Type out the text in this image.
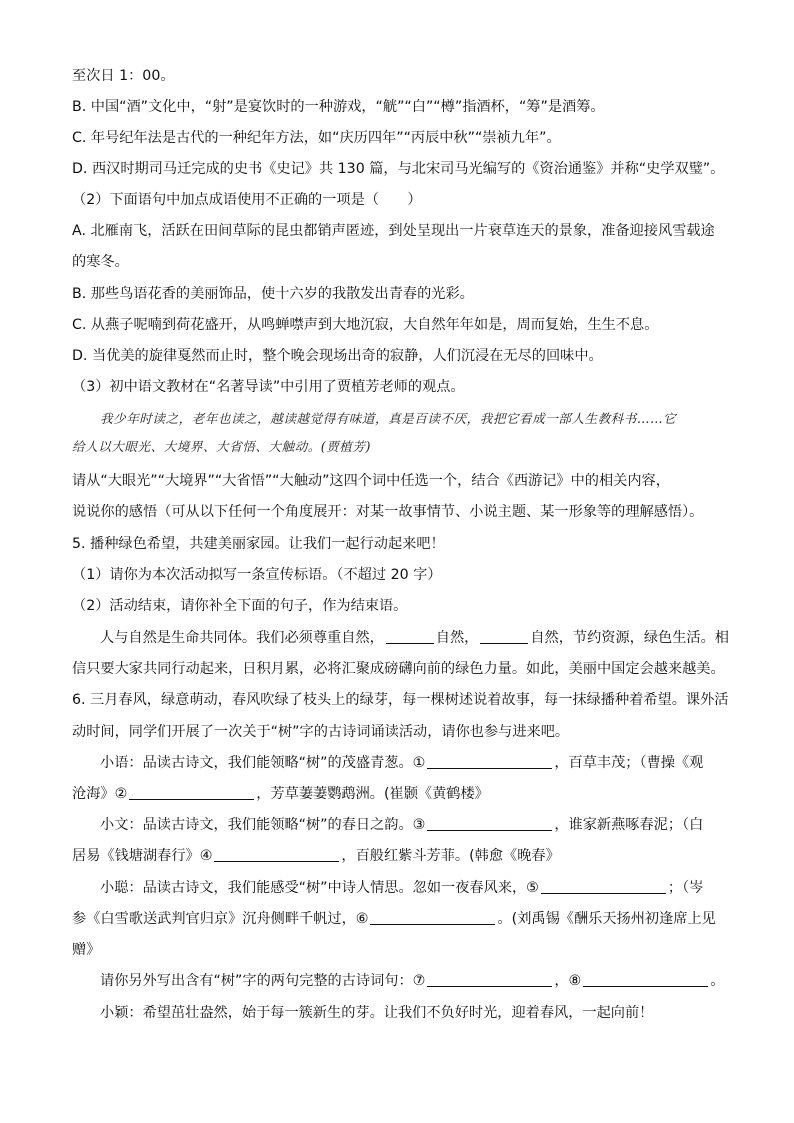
至次日 1：00。
B. 中国“酒”文化中，“射”是宴饮时的一种游戏，“觥”“白”“樽”指酒杯，“筹”是酒筹。
C. 年号纪年法是古代的一种纪年方法，如“庆历四年”“丙辰中秋”“崇祯九年”。
D. 西汉时期司马迁完成的史书《史记》共 130 篇，与北宋司马光编写的《资治通鉴》并称“史学双璧”。
（2）下面语句中加点成语使用不正确的一项是（　　）
A. 北雁南飞，活跃在田间草际的昆虫都销声匿迹，到处呈现出一片衰草连天的景象，准备迎接风雪载途
的寒冬。
B. 那些鸟语花香的美丽饰品，使十六岁的我散发出青春的光彩。
C. 从燕子呢喃到荷花盛开，从鸣蝉噤声到大地沉寂，大自然年年如是，周而复始，生生不息。
D. 当优美的旋律戛然而止时，整个晚会现场出奇的寂静，人们沉浸在无尽的回味中。
（3）初中语文教材在“名著导读”中引用了贾植芳老师的观点。
我少年时读之，老年也读之，越读越觉得有味道，真是百读不厌，我把它看成一部人生教科书……它
给人以大眼光、大境界、大省悟、大触动。(贾植芳)
请从“大眼光”“大境界”“大省悟”“大触动”这四个词中任选一个，结合《西游记》中的相关内容，
说说你的感悟（可从以下任何一个角度展开：对某一故事情节、小说主题、某一形象等的理解感悟）。
5. 播种绿色希望，共建美丽家园。让我们一起行动起来吧！
（1）请你为本次活动拟写一条宣传标语。（不超过 20 字）
（2）活动结束，请你补全下面的句子，作为结束语。
人与自然是生命共同体。我们必须尊重自然，	自然，	自然，节约资源，绿色生活。相
信只要大家共同行动起来，日积月累，必将汇聚成磅礴向前的绿色力量。如此，美丽中国定会越来越美。
6. 三月春风，绿意萌动，春风吹绿了枝头上的绿芽，每一棵树述说着故事，每一抹绿播种着希望。课外活
动时间，同学们开展了一次关于“树”字的古诗词诵读活动，请你也参与进来吧。
小语：品读古诗文，我们能领略“树”的茂盛青葱。①	，百草丰茂；（曹操《观
沧海》②	，芳草萋萋鹦鹉洲。(崔颢《黄鹤楼》
小文：品读古诗文，我们能领略“树”的春日之韵。③	，谁家新燕啄春泥；（白
居易《钱塘湖春行》④	，百般红紫斗芳菲。(韩愈《晚春》
小聪：品读古诗文，我们能感受“树”中诗人情思。忽如一夜春风来，⑤	；（岑
参《白雪歌送武判官归京》沉舟侧畔千帆过，⑥	。(刘禹锡《酬乐天扬州初逢席上见
赠》
请你另外写出含有“树”字的两句完整的古诗词句：⑦	，⑧	。
小颖：希望茁壮盎然，始于每一簇新生的芽。让我们不负好时光，迎着春风，一起向前！
